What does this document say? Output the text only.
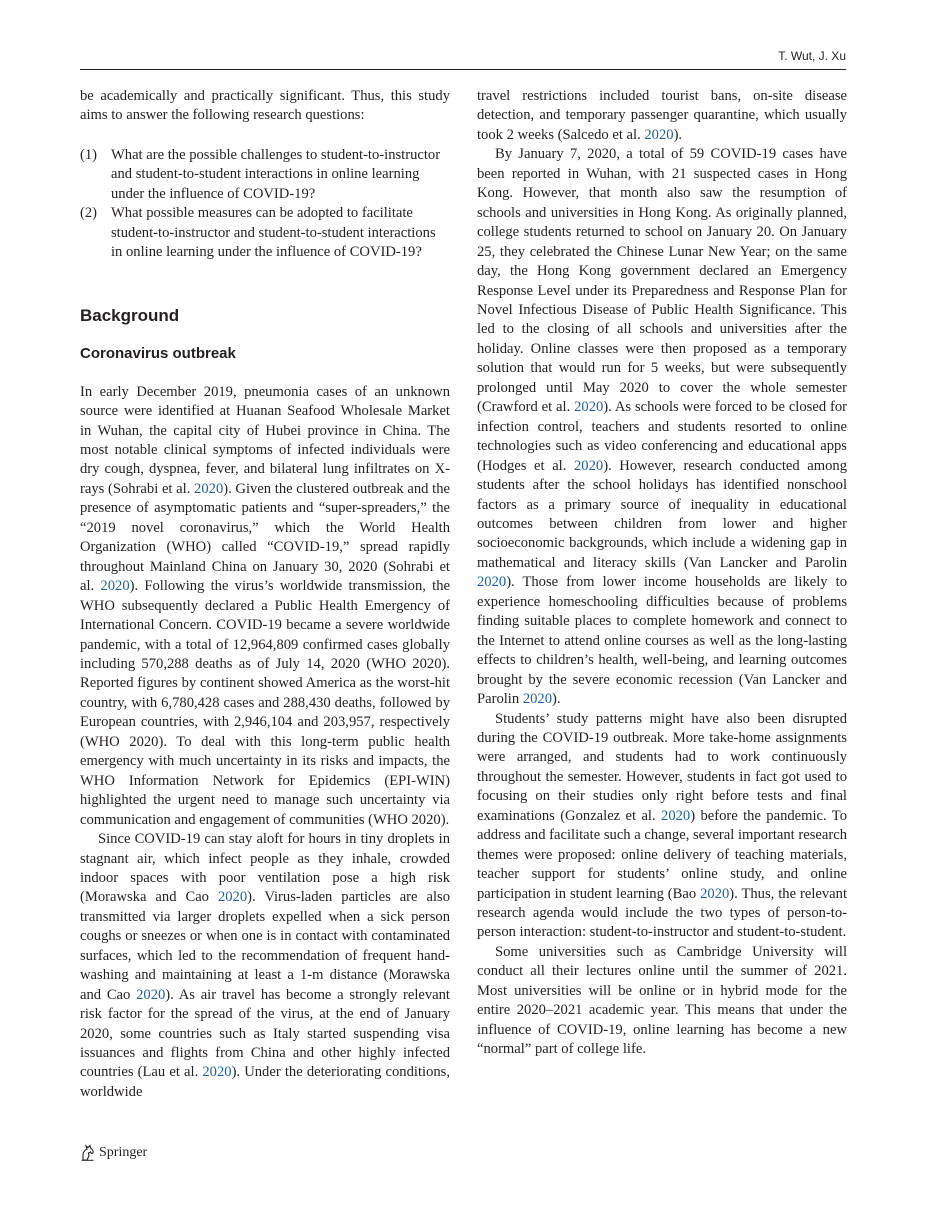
T. Wut, J. Xu

be academically and practically significant. Thus, this study aims to answer the following research questions:

(1) What are the possible challenges to student-to-instructor and student-to-student interactions in online learning under the influence of COVID-19?
(2) What possible measures can be adopted to facilitate student-to-instructor and student-to-student interactions in online learning under the influence of COVID-19?
Background
Coronavirus outbreak

In early December 2019, pneumonia cases of an unknown source were identified at Huanan Seafood Wholesale Market in Wuhan, the capital city of Hubei province in China. The most notable clinical symptoms of infected individuals were dry cough, dyspnea, fever, and bilateral lung infiltrates on X-rays (Sohrabi et al. 2020). Given the clustered outbreak and the presence of asymptomatic patients and “super-spreaders,” the “2019 novel coronavirus,” which the World Health Organization (WHO) called “COVID-19,” spread rapidly throughout Mainland China on January 30, 2020 (Sohrabi et al. 2020). Following the virus’s worldwide transmission, the WHO subsequently declared a Public Health Emergency of International Concern. COVID-19 became a severe worldwide pandemic, with a total of 12,964,809 confirmed cases globally including 570,288 deaths as of July 14, 2020 (WHO 2020). Reported figures by continent showed America as the worst-hit country, with 6,780,428 cases and 288,430 deaths, followed by European countries, with 2,946,104 and 203,957, respectively (WHO 2020). To deal with this long-term public health emergency with much uncertainty in its risks and impacts, the WHO Information Network for Epidemics (EPI-WIN) highlighted the urgent need to manage such uncertainty via communication and engagement of communities (WHO 2020).

Since COVID-19 can stay aloft for hours in tiny droplets in stagnant air, which infect people as they inhale, crowded indoor spaces with poor ventilation pose a high risk (Morawska and Cao 2020). Virus-laden particles are also transmitted via larger droplets expelled when a sick person coughs or sneezes or when one is in contact with contaminated surfaces, which led to the recommendation of frequent hand-washing and maintaining at least a 1-m distance (Morawska and Cao 2020). As air travel has become a strongly relevant risk factor for the spread of the virus, at the end of January 2020, some countries such as Italy started suspending visa issuances and flights from China and other highly infected countries (Lau et al. 2020). Under the deteriorating conditions, worldwide

travel restrictions included tourist bans, on-site disease detection, and temporary passenger quarantine, which usually took 2 weeks (Salcedo et al. 2020).

By January 7, 2020, a total of 59 COVID-19 cases have been reported in Wuhan, with 21 suspected cases in Hong Kong. However, that month also saw the resumption of schools and universities in Hong Kong. As originally planned, college students returned to school on January 20. On January 25, they celebrated the Chinese Lunar New Year; on the same day, the Hong Kong government declared an Emergency Response Level under its Preparedness and Response Plan for Novel Infectious Disease of Public Health Significance. This led to the closing of all schools and universities after the holiday. Online classes were then proposed as a temporary solution that would run for 5 weeks, but were subsequently prolonged until May 2020 to cover the whole semester (Crawford et al. 2020). As schools were forced to be closed for infection control, teachers and students resorted to online technologies such as video conferencing and educational apps (Hodges et al. 2020). However, research conducted among students after the school holidays has identified nonschool factors as a primary source of inequality in educational outcomes between children from lower and higher socioeconomic backgrounds, which include a widening gap in mathematical and literacy skills (Van Lancker and Parolin 2020). Those from lower income households are likely to experience homeschooling difficulties because of problems finding suitable places to complete homework and connect to the Internet to attend online courses as well as the long-lasting effects to children’s health, well-being, and learning outcomes brought by the severe economic recession (Van Lancker and Parolin 2020).

Students’ study patterns might have also been disrupted during the COVID-19 outbreak. More take-home assignments were arranged, and students had to work continuously throughout the semester. However, students in fact got used to focusing on their studies only right before tests and final examinations (Gonzalez et al. 2020) before the pandemic. To address and facilitate such a change, several important research themes were proposed: online delivery of teaching materials, teacher support for students’ online study, and online participation in student learning (Bao 2020). Thus, the relevant research agenda would include the two types of person-to-person interaction: student-to-instructor and student-to-student.

Some universities such as Cambridge University will conduct all their lectures online until the summer of 2021. Most universities will be online or in hybrid mode for the entire 2020–2021 academic year. This means that under the influence of COVID-19, online learning has become a new “normal” part of college life.

Springer
